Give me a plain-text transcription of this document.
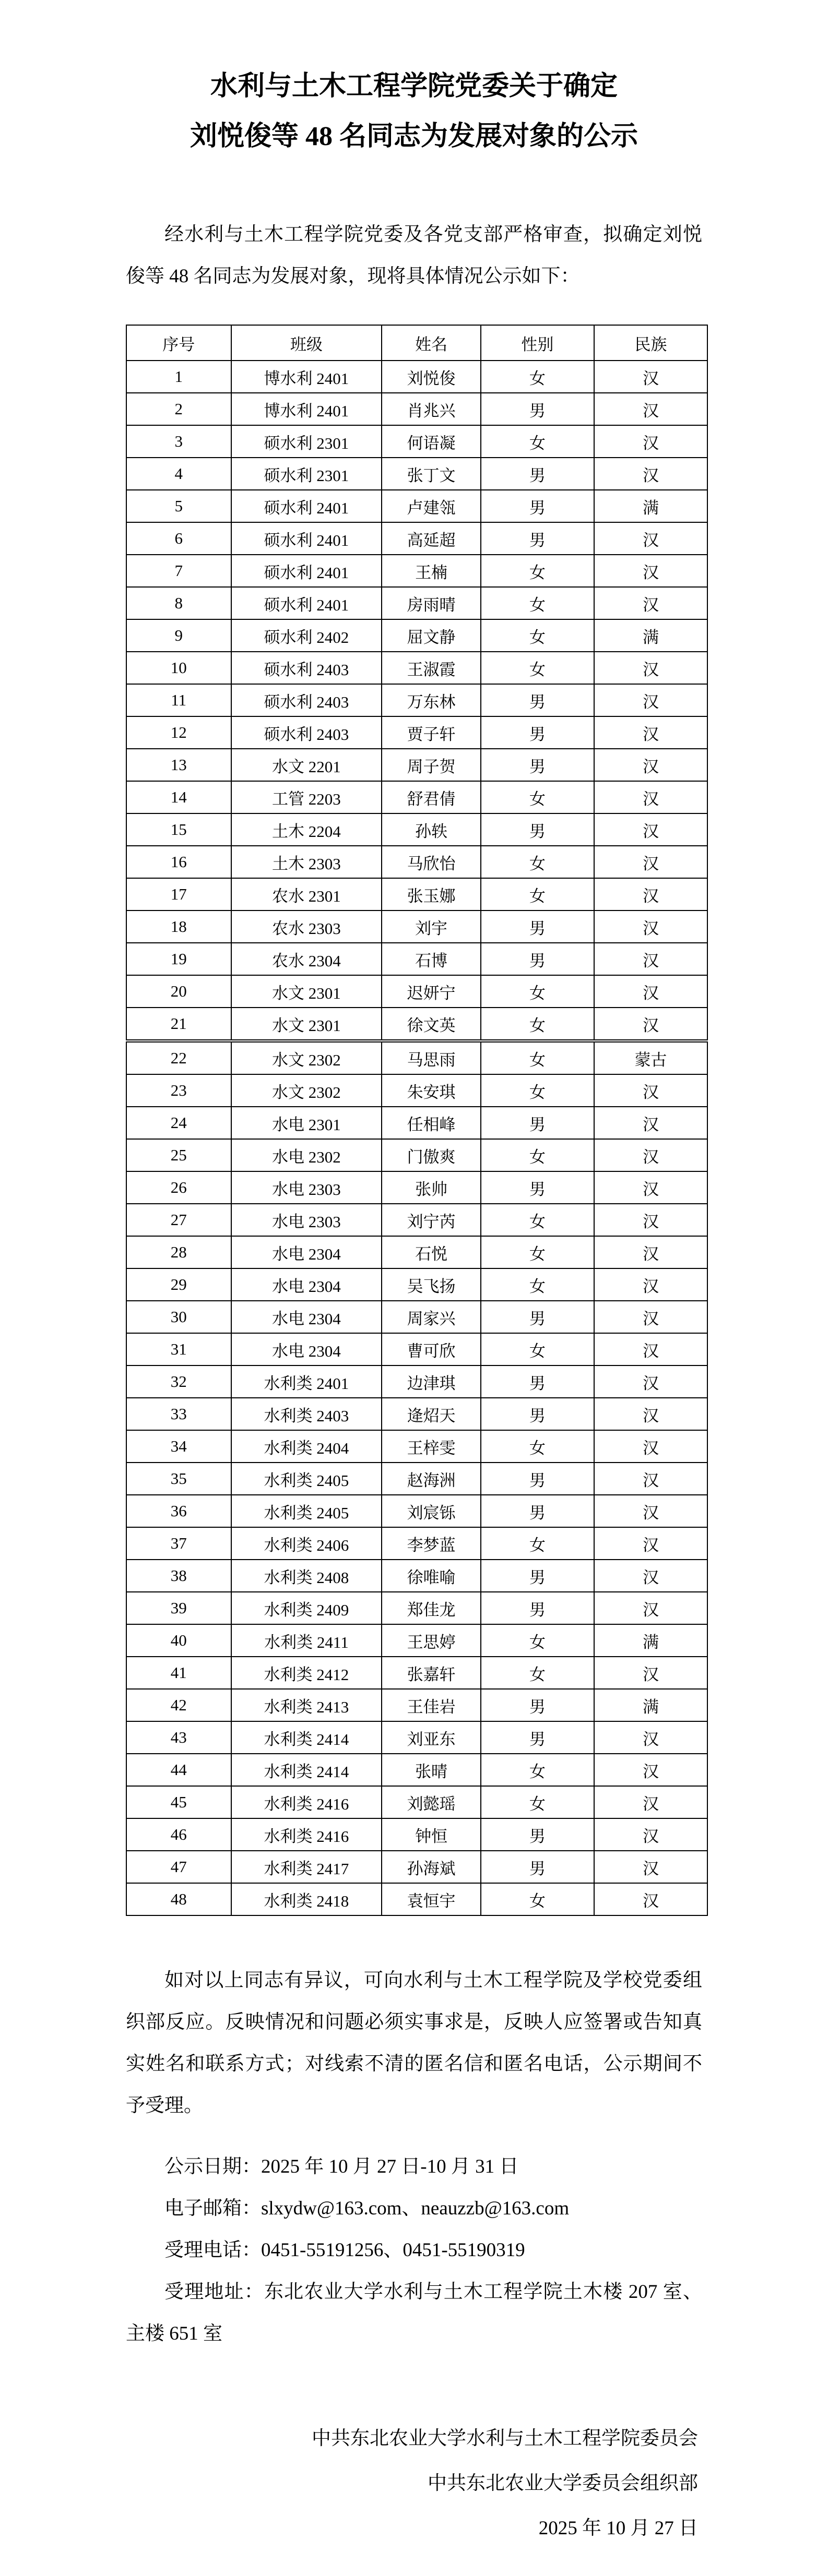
水利与土木工程学院党委关于确定
刘悦俊等 48 名同志为发展对象的公示

经水利与土木工程学院党委及各党支部严格审查，拟确定刘悦俊等 48 名同志为发展对象，现将具体情况公示如下：

序号	班级	姓名	性别	民族
1	博水利 2401	刘悦俊	女	汉
2	博水利 2401	肖兆兴	男	汉
3	硕水利 2301	何语凝	女	汉
4	硕水利 2301	张丁文	男	汉
5	硕水利 2401	卢建瓴	男	满
6	硕水利 2401	高延超	男	汉
7	硕水利 2401	王楠	女	汉
8	硕水利 2401	房雨晴	女	汉
9	硕水利 2402	屈文静	女	满
10	硕水利 2403	王淑霞	女	汉
11	硕水利 2403	万东林	男	汉
12	硕水利 2403	贾子轩	男	汉
13	水文 2201	周子贺	男	汉
14	工管 2203	舒君倩	女	汉
15	土木 2204	孙轶	男	汉
16	土木 2303	马欣怡	女	汉
17	农水 2301	张玉娜	女	汉
18	农水 2303	刘宇	男	汉
19	农水 2304	石博	男	汉
20	水文 2301	迟妍宁	女	汉
21	水文 2301	徐文英	女	汉
22	水文 2302	马思雨	女	蒙古
23	水文 2302	朱安琪	女	汉
24	水电 2301	任相峰	男	汉
25	水电 2302	门傲爽	女	汉
26	水电 2303	张帅	男	汉
27	水电 2303	刘宁芮	女	汉
28	水电 2304	石悦	女	汉
29	水电 2304	吴飞扬	女	汉
30	水电 2304	周家兴	男	汉
31	水电 2304	曹可欣	女	汉
32	水利类 2401	边津琪	男	汉
33	水利类 2403	逄炤天	男	汉
34	水利类 2404	王梓雯	女	汉
35	水利类 2405	赵海洲	男	汉
36	水利类 2405	刘宸铄	男	汉
37	水利类 2406	李梦蓝	女	汉
38	水利类 2408	徐唯喻	男	汉
39	水利类 2409	郑佳龙	男	汉
40	水利类 2411	王思婷	女	满
41	水利类 2412	张嘉轩	女	汉
42	水利类 2413	王佳岩	男	满
43	水利类 2414	刘亚东	男	汉
44	水利类 2414	张晴	女	汉
45	水利类 2416	刘懿瑶	女	汉
46	水利类 2416	钟恒	男	汉
47	水利类 2417	孙海斌	男	汉
48	水利类 2418	袁恒宇	女	汉

如对以上同志有异议，可向水利与土木工程学院及学校党委组织部反应。反映情况和问题必须实事求是，反映人应签署或告知真实姓名和联系方式；对线索不清的匿名信和匿名电话，公示期间不予受理。

公示日期：2025 年 10 月 27 日-10 月 31 日

电子邮箱：slxydw@163.com、neauzzb@163.com

受理电话：0451-55191256、0451-55190319

受理地址：东北农业大学水利与土木工程学院土木楼 207 室、主楼 651 室

中共东北农业大学水利与土木工程学院委员会
中共东北农业大学委员会组织部
2025 年 10 月 27 日
